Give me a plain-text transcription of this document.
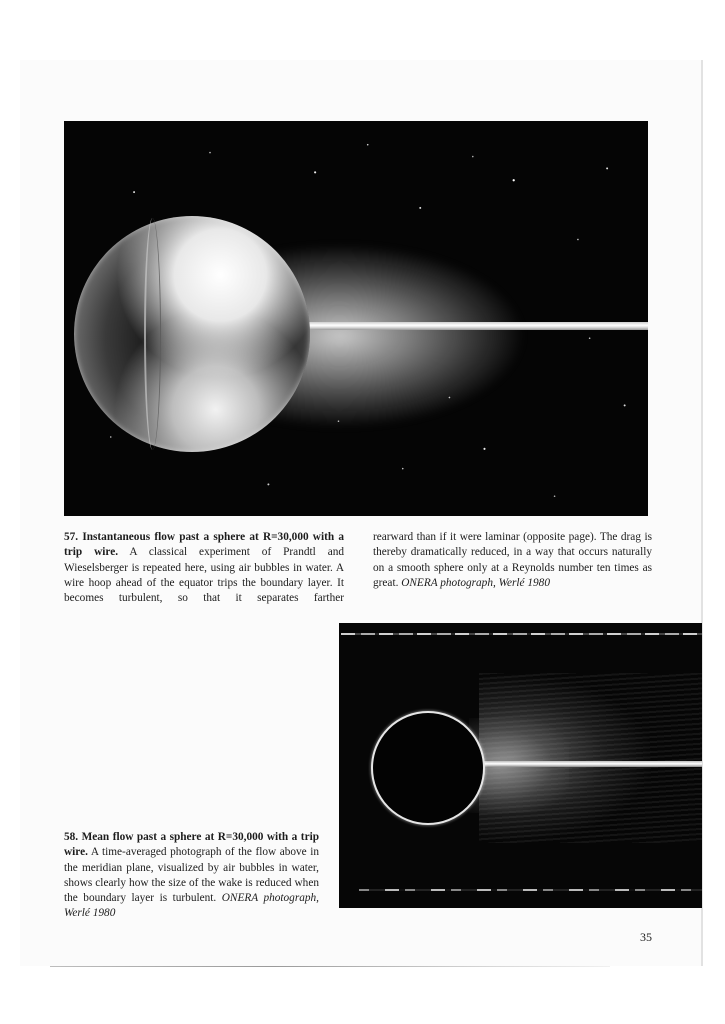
57. Instantaneous flow past a sphere at R=30,000 with a trip wire. A classical experiment of Prandtl and Wieselsberger is repeated here, using air bubbles in water. A wire hoop ahead of the equator trips the boundary layer. It becomes turbulent, so that it separates farther
rearward than if it were laminar (opposite page). The drag is thereby dramatically reduced, in a way that occurs naturally on a smooth sphere only at a Reynolds number ten times as great. ONERA photograph, Werlé 1980
58. Mean flow past a sphere at R=30,000 with a trip wire. A time-averaged photograph of the flow above in the meridian plane, visualized by air bubbles in water, shows clearly how the size of the wake is reduced when the boundary layer is turbulent. ONERA photograph, Werlé 1980
35
